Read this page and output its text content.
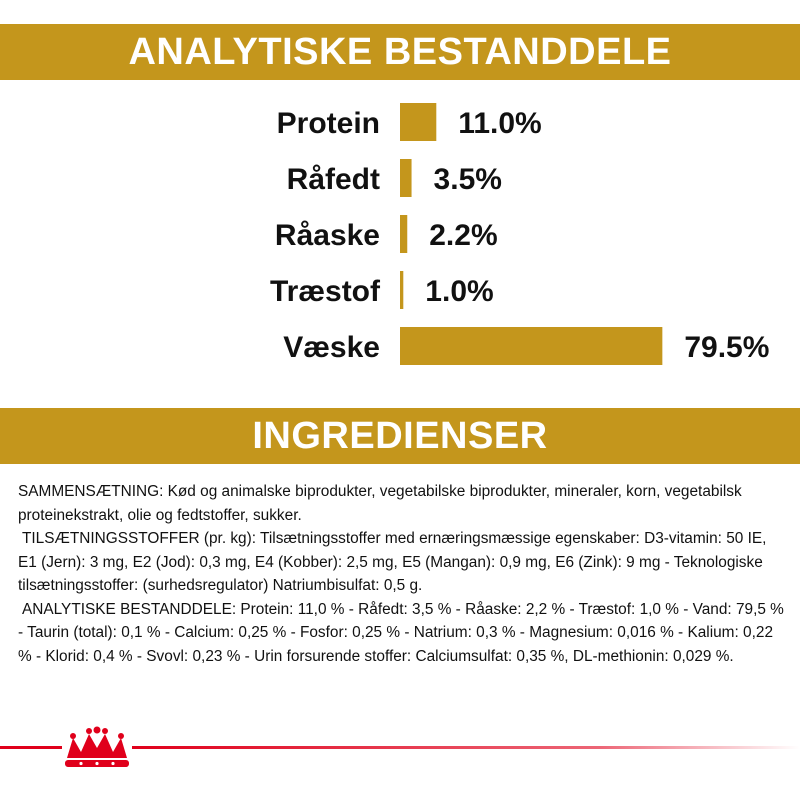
ANALYTISKE BESTANDDELE
Protein	11.0%
Råfedt 3.5%
Råaske 2.2%
Træstof 1.0%
Væske	79.5%
INGREDIENSER

SAMMENSÆTNING: Kød og animalske biprodukter, vegetabilske biprodukter, mineraler, korn, vegetabilsk proteinekstrakt, olie og fedtstoffer, sukker.

TILSÆTNINGSSTOFFER (pr. kg): Tilsætningsstoffer med ernæringsmæssige egenskaber: D3-vitamin: 50 IE, E1 (Jern): 3 mg, E2 (Jod): 0,3 mg, E4 (Kobber): 2,5 mg, E5 (Mangan): 0,9 mg, E6 (Zink): 9 mg - Teknologiske tilsætningsstoffer: (surhedsregulator) Natriumbisulfat: 0,5 g.

ANALYTISKE BESTANDDELE: Protein: 11,0 % - Råfedt: 3,5 % - Råaske: 2,2 % - Træstof: 1,0 % - Vand: 79,5 % - Taurin (total): 0,1 % - Calcium: 0,25 % - Fosfor: 0,25 % - Natrium: 0,3 % - Magnesium: 0,016 % - Kalium: 0,22 % - Klorid: 0,4 % - Svovl: 0,23 % - Urin forsurende stoffer: Calciumsulfat: 0,35 %, DL-methionin: 0,029 %.
